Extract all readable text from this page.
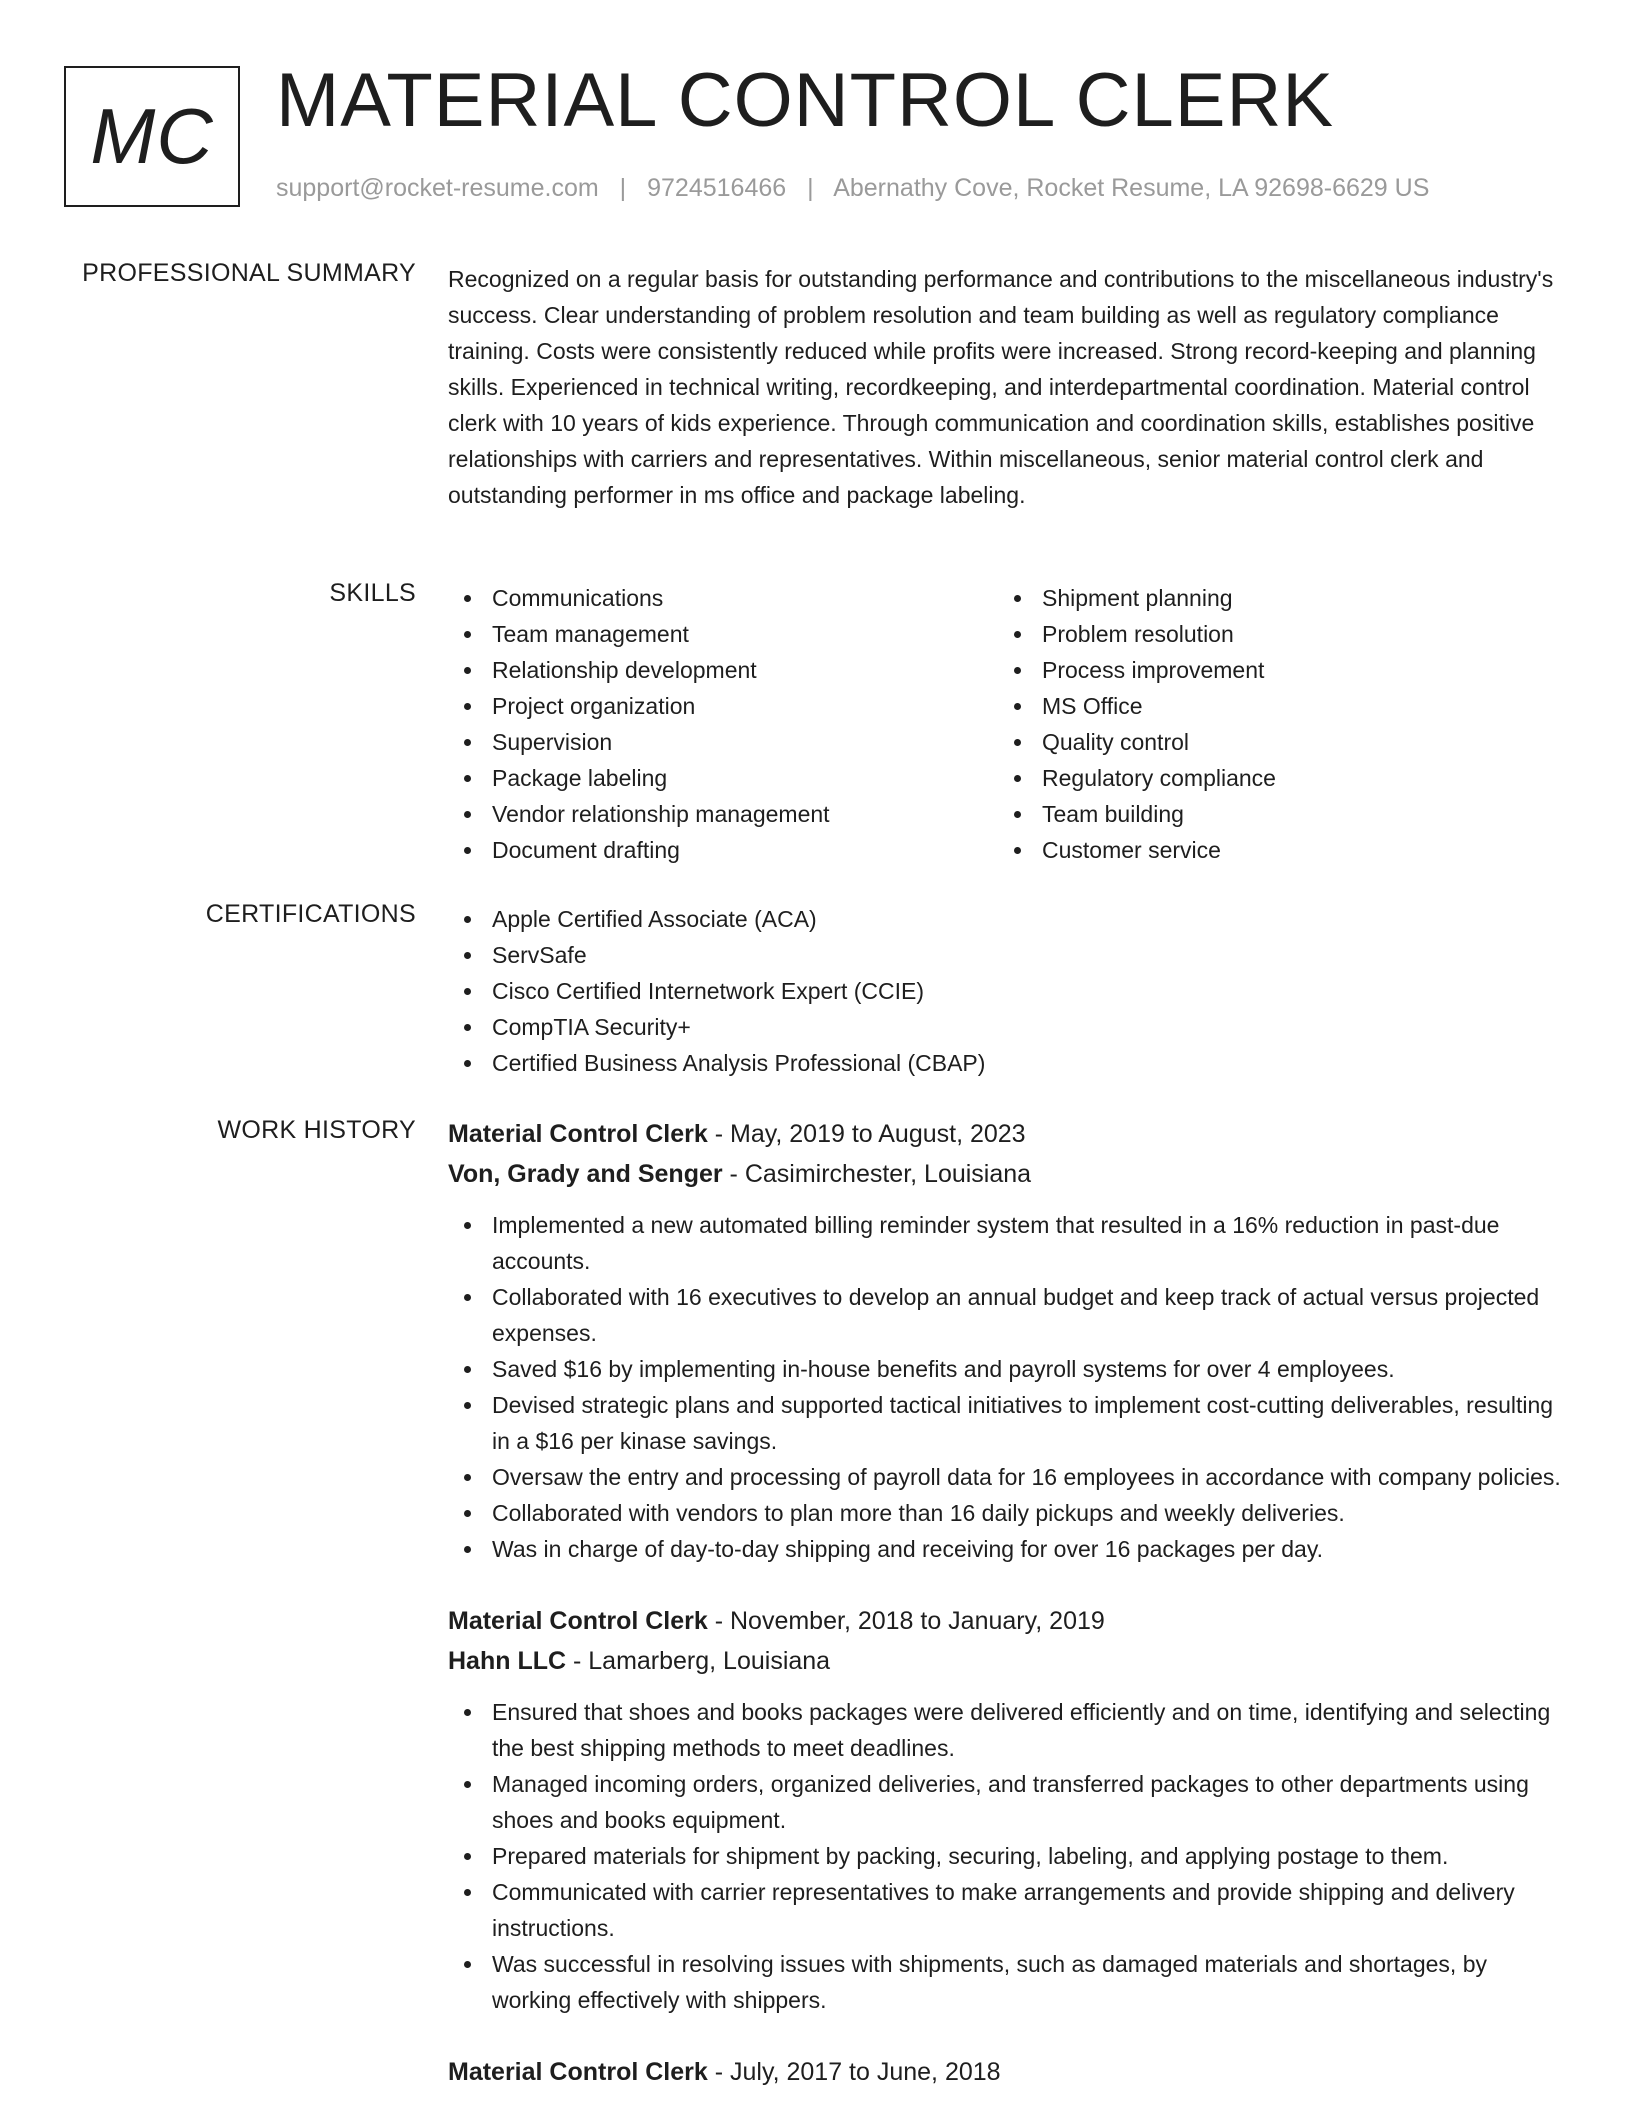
MC MATERIAL CONTROL CLERK
support@rocket-resume.com | 9724516466 | Abernathy Cove, Rocket Resume, LA 92698-6629 US
PROFESSIONAL SUMMARY Recognized on a regular basis for outstanding performance and contributions to the miscellaneous industry's success. Clear understanding of problem resolution and team building as well as regulatory compliance training. Costs were consistently reduced while profits were increased. Strong record-keeping and planning skills. Experienced in technical writing, recordkeeping, and interdepartmental coordination. Material control clerk with 10 years of kids experience. Through communication and coordination skills, establishes positive relationships with carriers and representatives. Within miscellaneous, senior material control clerk and outstanding performer in ms office and package labeling.

SKILLS	Communications
Team management
Relationship development
Project organization
Supervision
Package labeling
Vendor relationship management
Document drafting
Shipment planning
Problem resolution
Process improvement
MS Office
Quality control
Regulatory compliance
Team building
Customer service
CERTIFICATIONS	Apple Certified Associate (ACA)
ServSafe
Cisco Certified Internetwork Expert (CCIE)
CompTIA Security+
Certified Business Analysis Professional (CBAP)
WORK HISTORY Material Control Clerk - May, 2019 to August, 2023
Von, Grady and Senger - Casimirchester, Louisiana
Implemented a new automated billing reminder system that resulted in a 16% reduction in past-due accounts.
Collaborated with 16 executives to develop an annual budget and keep track of actual versus projected expenses.
Saved $16 by implementing in-house benefits and payroll systems for over 4 employees.
Devised strategic plans and supported tactical initiatives to implement cost-cutting deliverables, resulting in a $16 per kinase savings.
Oversaw the entry and processing of payroll data for 16 employees in accordance with company policies.
Collaborated with vendors to plan more than 16 daily pickups and weekly deliveries.
Was in charge of day-to-day shipping and receiving for over 16 packages per day.
Material Control Clerk - November, 2018 to January, 2019
Hahn LLC - Lamarberg, Louisiana
Ensured that shoes and books packages were delivered efficiently and on time, identifying and selecting the best shipping methods to meet deadlines.
Managed incoming orders, organized deliveries, and transferred packages to other departments using shoes and books equipment.
Prepared materials for shipment by packing, securing, labeling, and applying postage to them.
Communicated with carrier representatives to make arrangements and provide shipping and delivery instructions.
Was successful in resolving issues with shipments, such as damaged materials and shortages, by working effectively with shippers.
Material Control Clerk - July, 2017 to June, 2018
